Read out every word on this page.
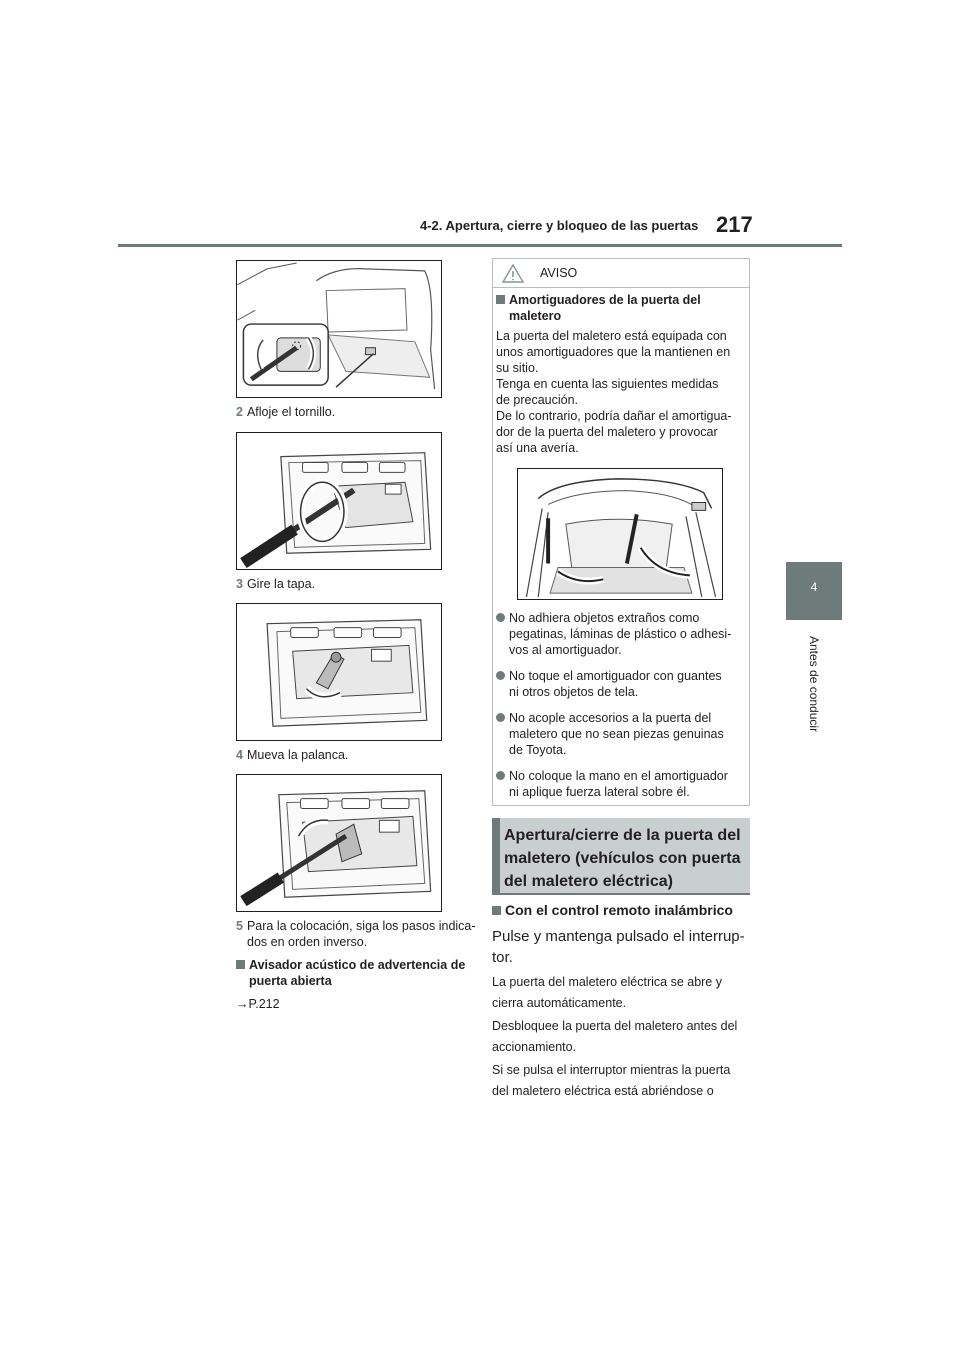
4-2. Apertura, cierre y bloqueo de las puertas 217
4
Antes de conducir
2 Afloje el tornillo.
3 Gire la tapa.
4 Mueva la palanca.
5 Para la colocación, siga los pasos indica-
dos en orden inverso.
Avisador acústico de advertencia de
puerta abierta
→P.212
AVISO
Amortiguadores de la puerta del
maletero
La puerta del maletero está equipada con
unos amortiguadores que la mantienen en
su sitio.
Tenga en cuenta las siguientes medidas
de precaución.
De lo contrario, podría dañar el amortigua-
dor de la puerta del maletero y provocar
así una avería.
No adhiera objetos extraños como
pegatinas, láminas de plástico o adhesi-
vos al amortiguador.
No toque el amortiguador con guantes
ni otros objetos de tela.
No acople accesorios a la puerta del
maletero que no sean piezas genuinas
de Toyota.
No coloque la mano en el amortiguador
ni aplique fuerza lateral sobre él.
Apertura/cierre de la puerta del
maletero (vehículos con puerta
del maletero eléctrica)
Con el control remoto inalámbrico
Pulse y mantenga pulsado el interrup-
tor.
La puerta del maletero eléctrica se abre y
cierra automáticamente.
Desbloquee la puerta del maletero antes del
accionamiento.
Si se pulsa el interruptor mientras la puerta
del maletero eléctrica está abriéndose o
